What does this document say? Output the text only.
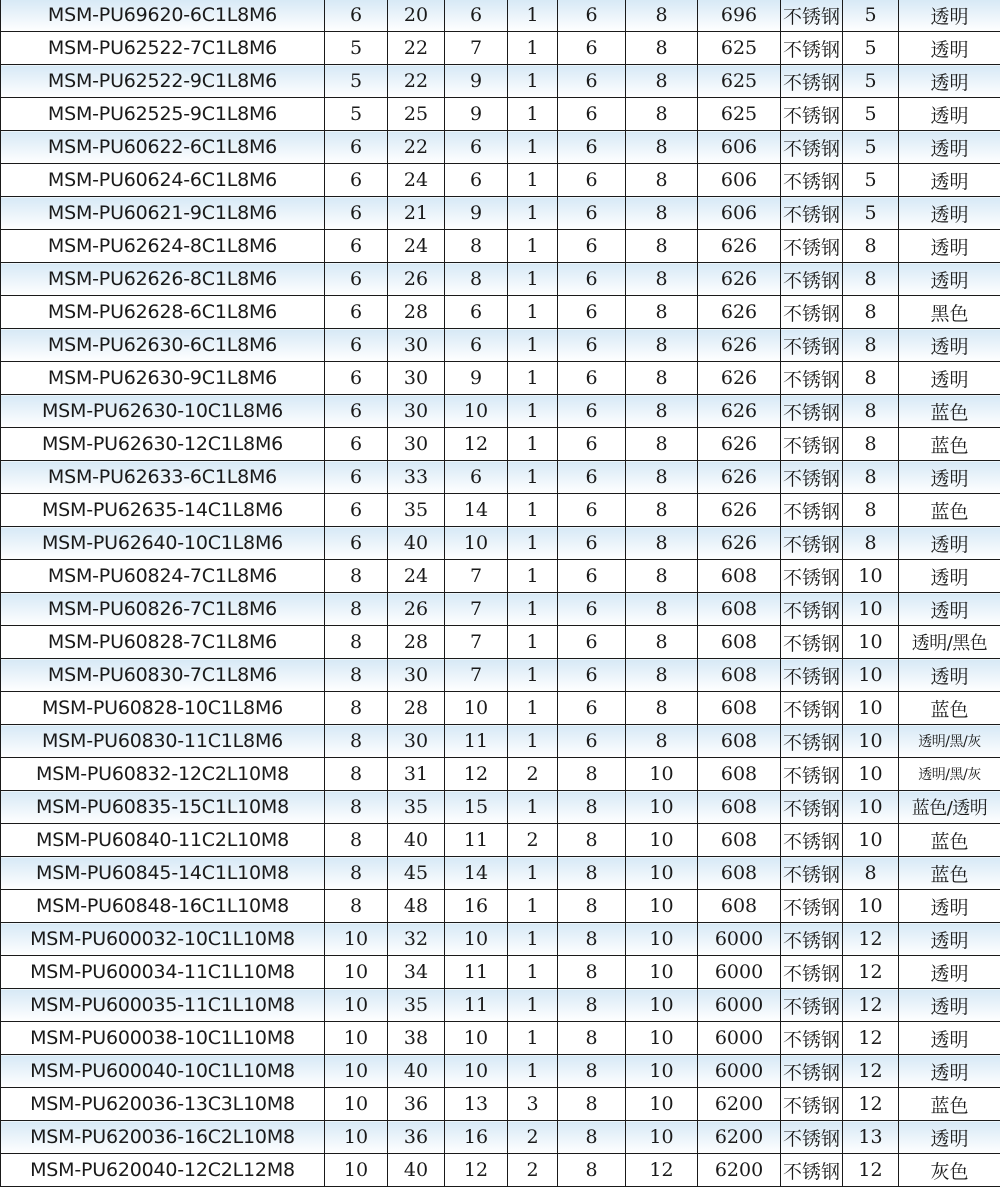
MSM-PU69620-6C1L8M6	6	20	6	1	6	8	696	不锈钢	5	透明
MSM-PU62522-7C1L8M6	5	22	7	1	6	8	625	不锈钢	5	透明
MSM-PU62522-9C1L8M6	5	22	9	1	6	8	625	不锈钢	5	透明
MSM-PU62525-9C1L8M6	5	25	9	1	6	8	625	不锈钢	5	透明
MSM-PU60622-6C1L8M6	6	22	6	1	6	8	606	不锈钢	5	透明
MSM-PU60624-6C1L8M6	6	24	6	1	6	8	606	不锈钢	5	透明
MSM-PU60621-9C1L8M6	6	21	9	1	6	8	606	不锈钢	5	透明
MSM-PU62624-8C1L8M6	6	24	8	1	6	8	626	不锈钢	8	透明
MSM-PU62626-8C1L8M6	6	26	8	1	6	8	626	不锈钢	8	透明
MSM-PU62628-6C1L8M6	6	28	6	1	6	8	626	不锈钢	8	黑色
MSM-PU62630-6C1L8M6	6	30	6	1	6	8	626	不锈钢	8	透明
MSM-PU62630-9C1L8M6	6	30	9	1	6	8	626	不锈钢	8	透明
MSM-PU62630-10C1L8M6	6	30	10	1	6	8	626	不锈钢	8	蓝色
MSM-PU62630-12C1L8M6	6	30	12	1	6	8	626	不锈钢	8	蓝色
MSM-PU62633-6C1L8M6	6	33	6	1	6	8	626	不锈钢	8	透明
MSM-PU62635-14C1L8M6	6	35	14	1	6	8	626	不锈钢	8	蓝色
MSM-PU62640-10C1L8M6	6	40	10	1	6	8	626	不锈钢	8	透明
MSM-PU60824-7C1L8M6	8	24	7	1	6	8	608	不锈钢	10	透明
MSM-PU60826-7C1L8M6	8	26	7	1	6	8	608	不锈钢	10	透明
MSM-PU60828-7C1L8M6	8	28	7	1	6	8	608	不锈钢	10	透明/黑色
MSM-PU60830-7C1L8M6	8	30	7	1	6	8	608	不锈钢	10	透明
MSM-PU60828-10C1L8M6	8	28	10	1	6	8	608	不锈钢	10	蓝色
MSM-PU60830-11C1L8M6	8	30	11	1	6	8	608	不锈钢	10	透明/黑/灰
MSM-PU60832-12C2L10M8	8	31	12	2	8	10	608	不锈钢	10	透明/黑/灰
MSM-PU60835-15C1L10M8	8	35	15	1	8	10	608	不锈钢	10	蓝色/透明
MSM-PU60840-11C2L10M8	8	40	11	2	8	10	608	不锈钢	10	蓝色
MSM-PU60845-14C1L10M8	8	45	14	1	8	10	608	不锈钢	8	蓝色
MSM-PU60848-16C1L10M8	8	48	16	1	8	10	608	不锈钢	10	透明
MSM-PU600032-10C1L10M8	10	32	10	1	8	10	6000	不锈钢	12	透明
MSM-PU600034-11C1L10M8	10	34	11	1	8	10	6000	不锈钢	12	透明
MSM-PU600035-11C1L10M8	10	35	11	1	8	10	6000	不锈钢	12	透明
MSM-PU600038-10C1L10M8	10	38	10	1	8	10	6000	不锈钢	12	透明
MSM-PU600040-10C1L10M8	10	40	10	1	8	10	6000	不锈钢	12	透明
MSM-PU620036-13C3L10M8	10	36	13	3	8	10	6200	不锈钢	12	蓝色
MSM-PU620036-16C2L10M8	10	36	16	2	8	10	6200	不锈钢	13	透明
MSM-PU620040-12C2L12M8	10	40	12	2	8	12	6200	不锈钢	12	灰色
